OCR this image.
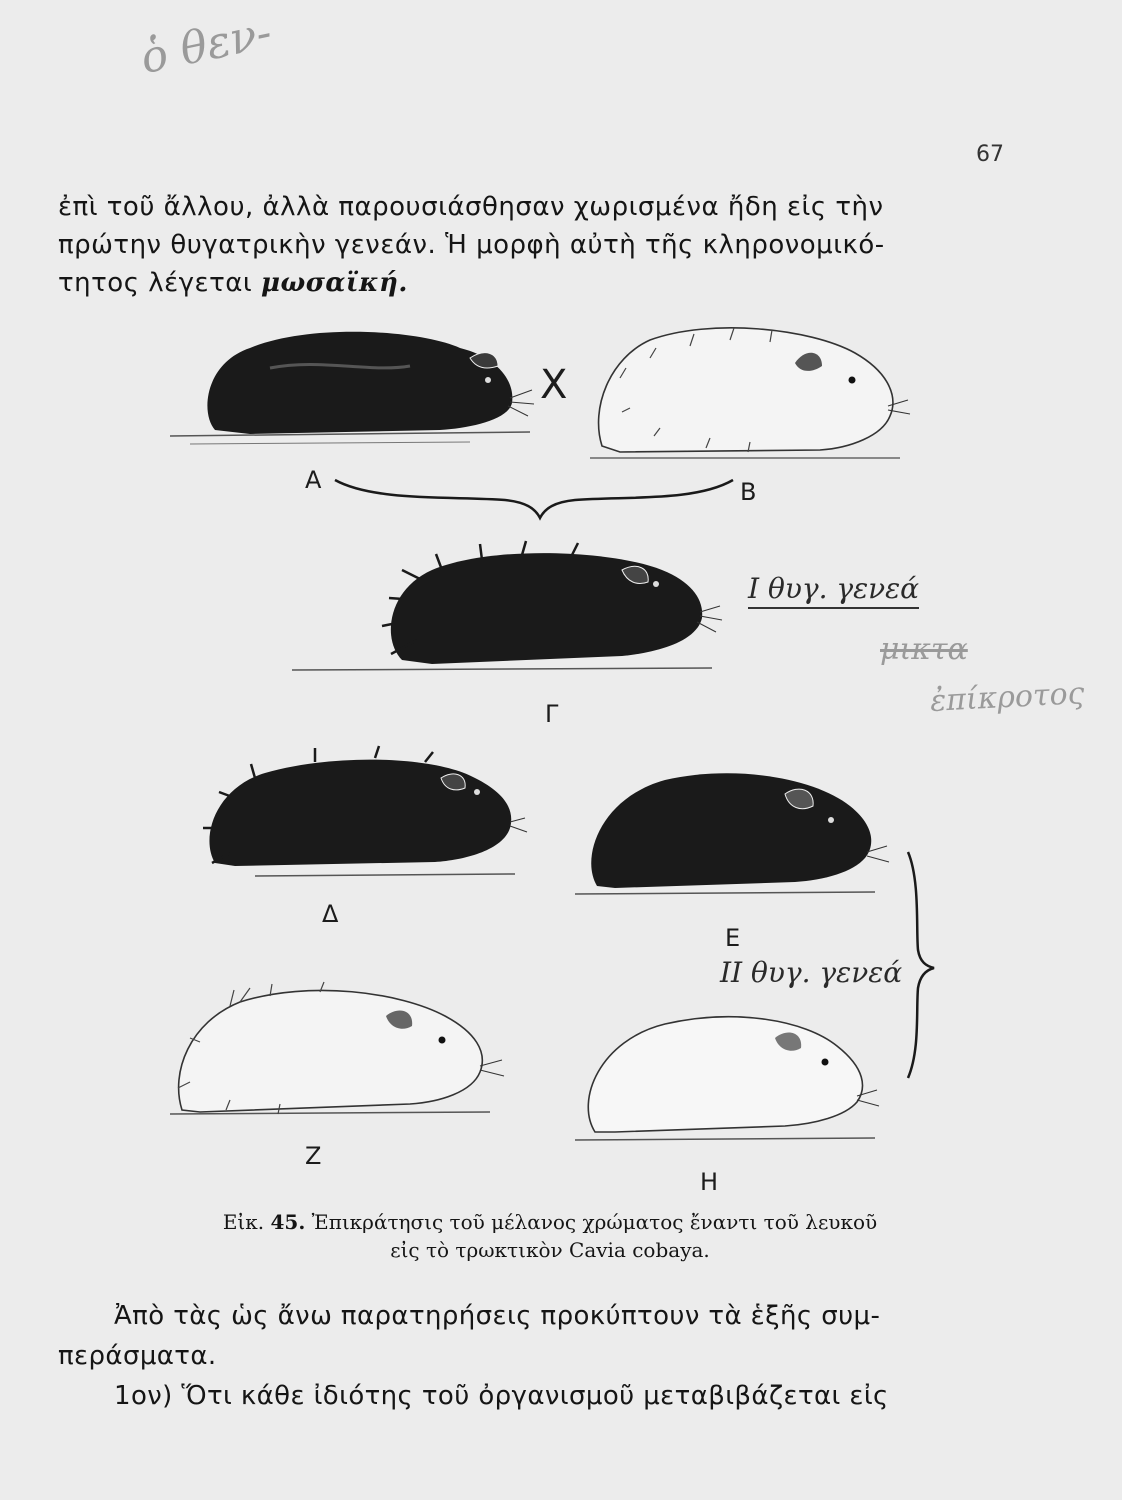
ὁ θεν-
67

ἐπὶ τοῦ ἄλλου, ἀλλὰ παρουσιάσθησαν χωρισμένα ἤδη εἰς τὴν

πρώτην θυγατρικὴν γενεάν. Ἡ μορφὴ αὐτὴ τῆς κληρονομικό-

τητος λέγεται μωσαϊκή.

X
A	B
Γ
I θυγ. γενεά
μικτα
ἐπίκροτος
Δ
E
II θυγ. γενεά
Z
H
Εἰκ. 45. Ἐπικράτησις τοῦ μέλανος χρώματος ἔναντι τοῦ λευκοῦ
εἰς τὸ τρωκτικὸν Cavia cobaya.

Ἀπὸ τὰς ὡς ἄνω παρατηρήσεις προκύπτουν τὰ ἑξῆς συμ-

περάσματα.

1ον) Ὅτι κάθε ἰδιότης τοῦ ὀργανισμοῦ μεταβιβάζεται εἰς
